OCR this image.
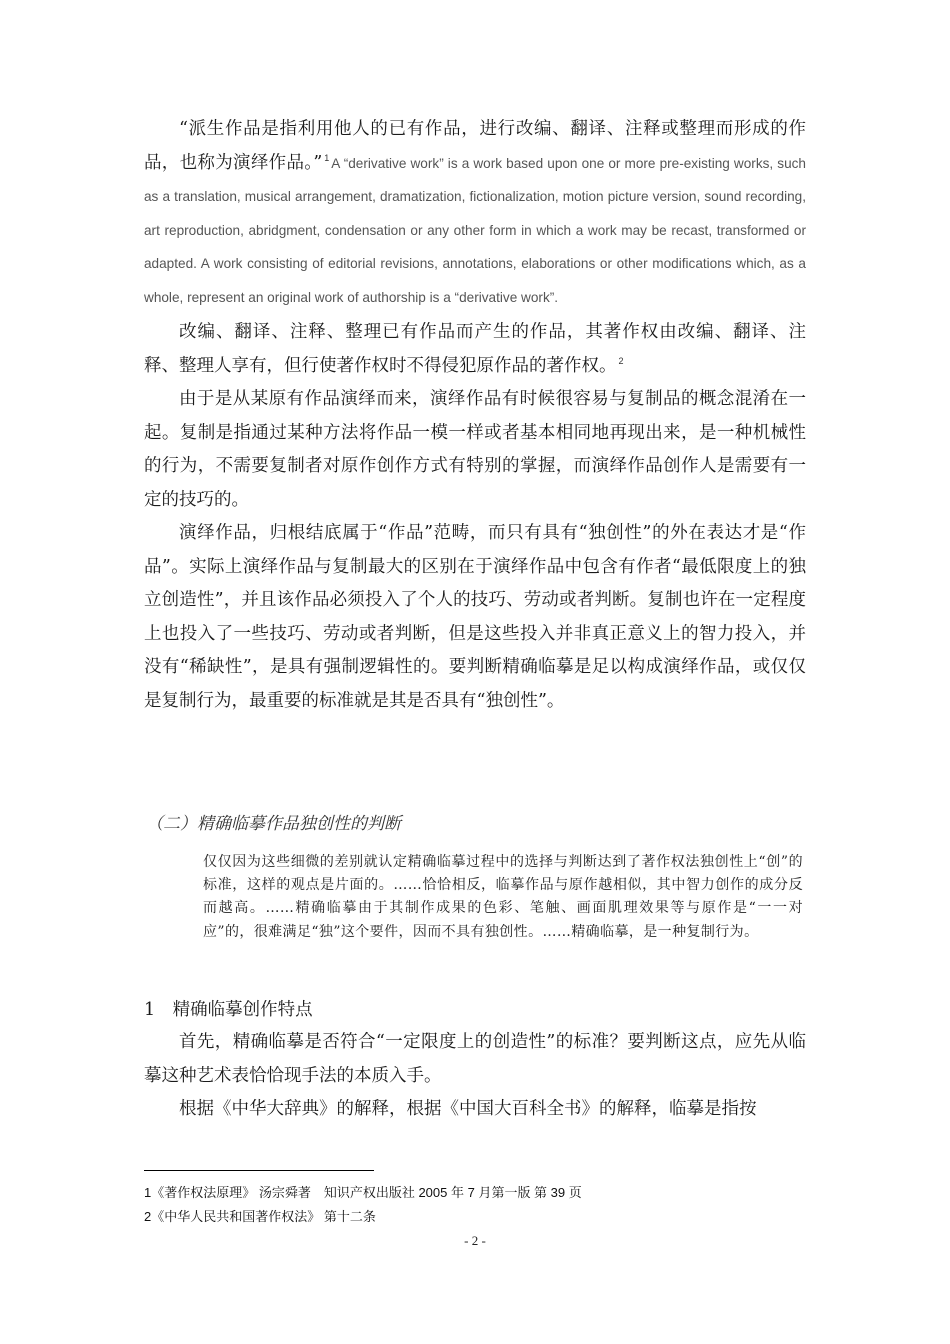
“派生作品是指利用他人的已有作品，进行改编、翻译、注释或整理而形成的作品，也称为演绎作品。” $^1$ A “derivative work” is a work based upon one or more pre-existing works, such as a translation, musical arrangement, dramatization, fictionalization, motion picture version, sound recording, art reproduction, abridgment, condensation or any other form in which a work may be recast, transformed or adapted. A work consisting of editorial revisions, annotations, elaborations or other modifications which, as a whole, represent an original work of authorship is a “derivative work”.

改编、翻译、注释、整理已有作品而产生的作品，其著作权由改编、翻译、注释、整理人享有，但行使著作权时不得侵犯原作品的著作权。 $^2$

由于是从某原有作品演绎而来，演绎作品有时候很容易与复制品的概念混淆在一起。复制是指通过某种方法将作品一模一样或者基本相同地再现出来，是一种机械性的行为，不需要复制者对原作创作方式有特别的掌握，而演绎作品创作人是需要有一定的技巧的。

演绎作品，归根结底属于“作品”范畴，而只有具有“独创性”的外在表达才是“作品”。实际上演绎作品与复制最大的区别在于演绎作品中包含有作者“最低限度上的独立创造性”，并且该作品必须投入了个人的技巧、劳动或者判断。复制也许在一定程度上也投入了一些技巧、劳动或者判断，但是这些投入并非真正意义上的智力投入，并没有“稀缺性”，是具有强制逻辑性的。要判断精确临摹是足以构成演绎作品，或仅仅是复制行为，最重要的标准就是其是否具有“独创性”。

（二）精确临摹作品独创性的判断

仅仅因为这些细微的差别就认定精确临摹过程中的选择与判断达到了著作权法独创性上“创”的标准，这样的观点是片面的。……恰恰相反，临摹作品与原作越相似，其中智力创作的成分反而越高。……精确临摹由于其制作成果的色彩、笔触、画面肌理效果等与原作是“一一对应”的，很难满足“独”这个要件，因而不具有独创性。……精确临摹，是一种复制行为。

1　精确临摹创作特点

首先，精确临摹是否符合“一定限度上的创造性”的标准？要判断这点，应先从临摹这种艺术表恰恰现手法的本质入手。

根据《中华大辞典》的解释，根据《中国大百科全书》的解释，临摹是指按

1《著作权法原理》 汤宗舜著　知识产权出版社 2005 年 7 月第一版 第 39 页

2《中华人民共和国著作权法》 第十二条

- 2 -
